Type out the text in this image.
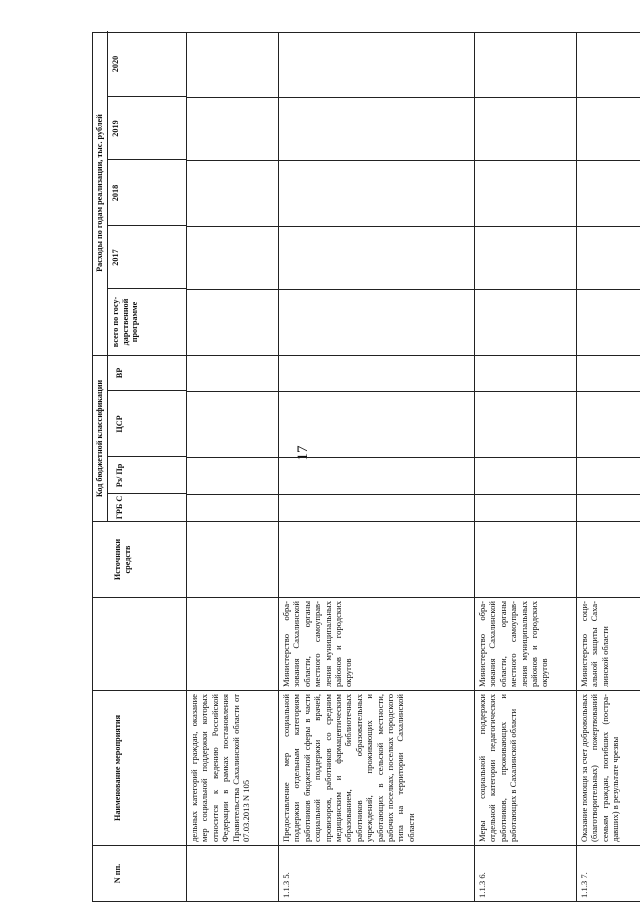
17
N пп.
Наименование мероприятия
Источники средств
Код бюджетной классификации
ГРБ С
Рз/ Пр
ЦСР
ВР
Расходы по годам реализации, тыс. рублей
всего по государственной программе
2017
2018
2019
2020
дельных категорий граждан, оказание мер социальной поддержки которых относится к ведению Российской Федерации в рамках постановления Правительства Сахалинской области от 07.03.2013 N 105
1.1.3 5.
Предоставление мер социальной поддержки отдельным категориям работников бюджетной сферы в части социальной поддержки врачей, провизоров, работников со средним медицинским и фармацевтическим образованием, библиотечных работников образовательных учреждений, проживающих и работающих в сельской местности, рабочих поселках, поселках городского типа на территории Сахалинской области
Министерство образования Сахалинской области, органы местного самоуправления муниципальных районов и городских округов
1.1.3 6.
Меры социальной поддержки отдельной категории педагогических работников, проживающих и работающих в Сахалинской области
Министерство образования Сахалинской области, органы местного самоуправления муниципальных районов и городских округов
1.1.3 7.
Оказание помощи за счет добровольных (благотворительных) пожертвований семьям граждан, погибших (пострадавших) в результате чрезвы
Министерство социальной защиты Сахалинской области
